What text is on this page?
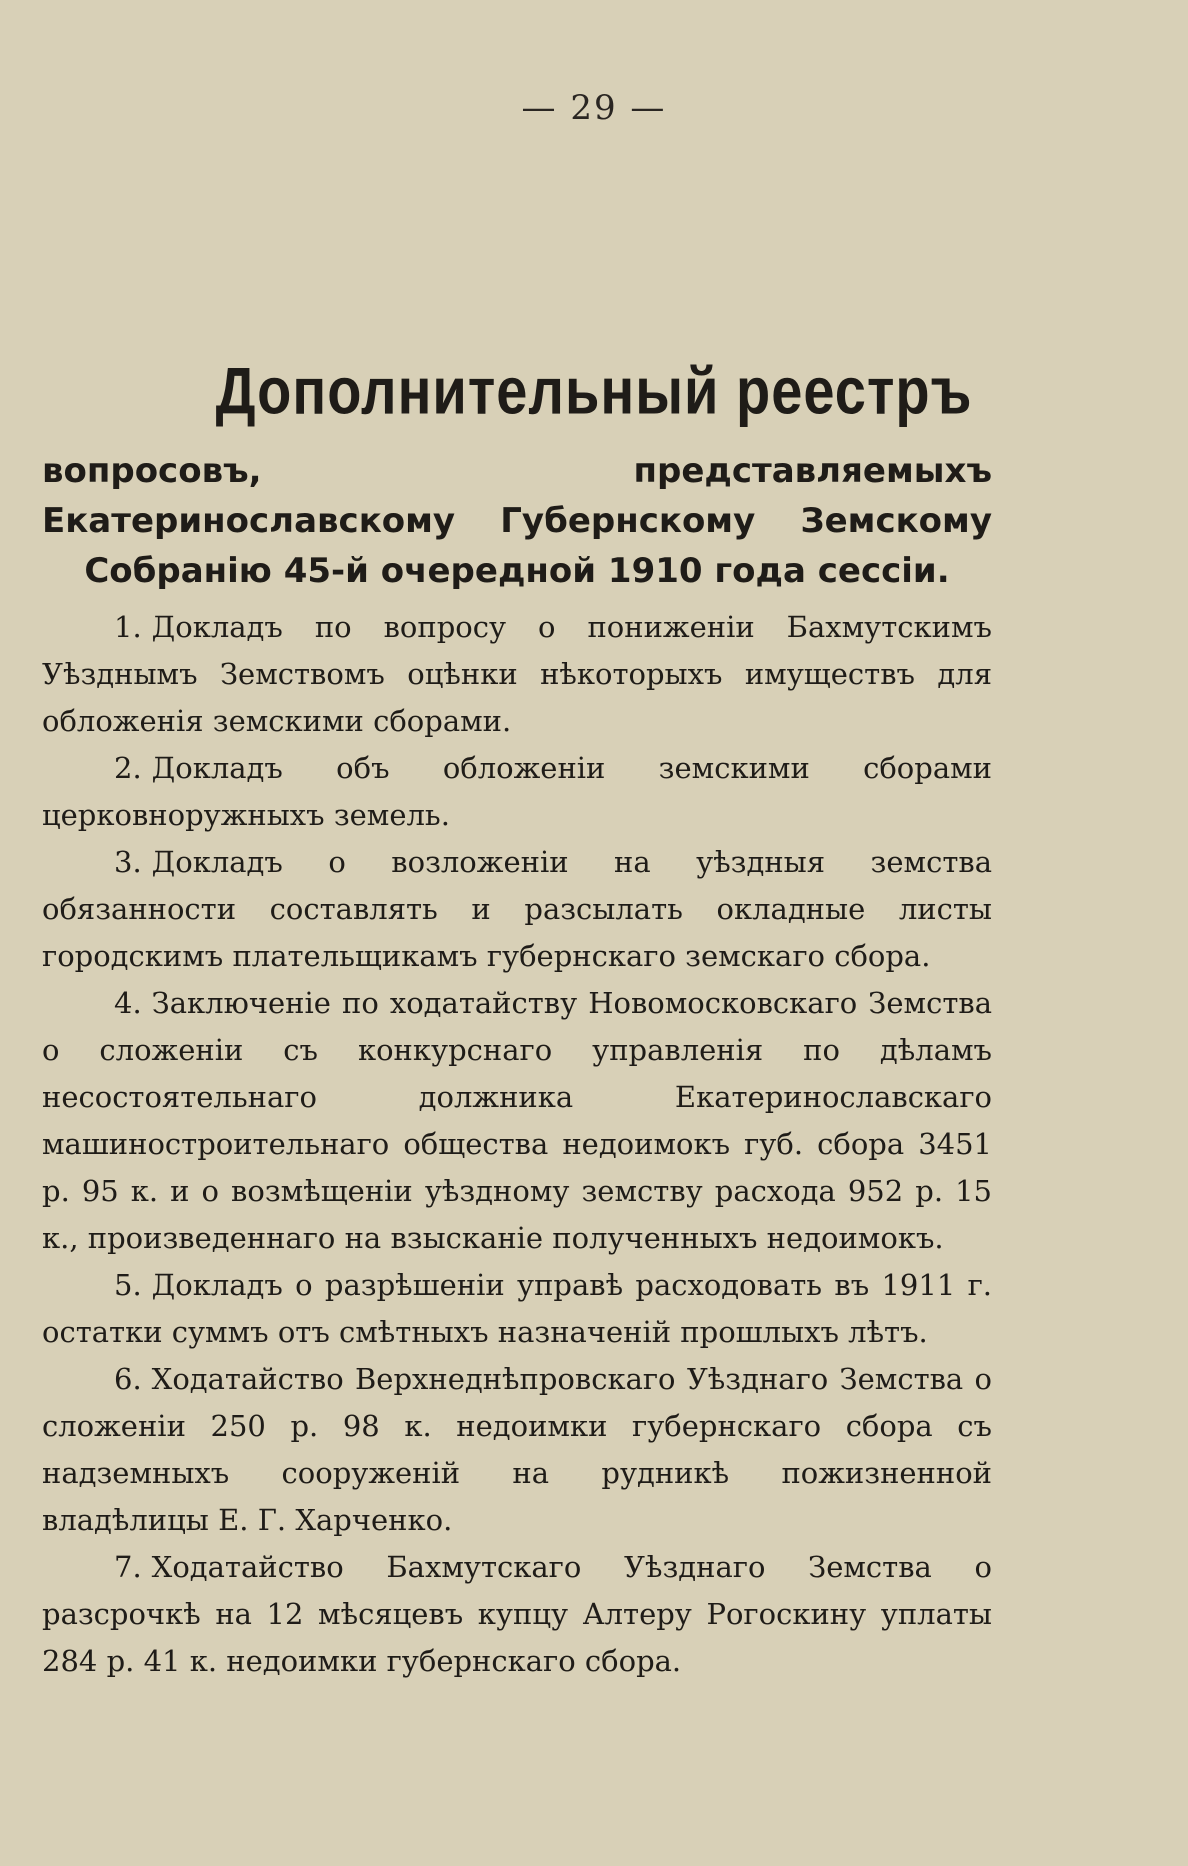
— 29 —
Дополнительный реестръ
вопросовъ, представляемыхъ Екатеринославскому Губернскому Земскому Собранію 45-й очередной 1910 года сессіи.

1. Докладъ по вопросу о пониженіи Бахмутскимъ Уѣзднымъ Земствомъ оцѣнки нѣкоторыхъ имуществъ для обложенія земскими сборами.

2. Докладъ объ обложеніи земскими сборами церковноружныхъ земель.

3. Докладъ о возложеніи на уѣздныя земства обязанности составлять и разсылать окладные листы городскимъ плательщикамъ губернскаго земскаго сбора.

4. Заключеніе по ходатайству Новомосковскаго Земства о сложеніи съ конкурснаго управленія по дѣламъ несостоятельнаго должника Екатеринославскаго машиностроительнаго общества недоимокъ губ. сбора 3451 р. 95 к. и о возмѣщеніи уѣздному земству расхода 952 р. 15 к., произведеннаго на взысканіе полученныхъ недоимокъ.

5. Докладъ о разрѣшеніи управѣ расходовать въ 1911 г. остатки суммъ отъ смѣтныхъ назначеній прошлыхъ лѣтъ.

6. Ходатайство Верхнеднѣпровскаго Уѣзднаго Земства о сложеніи 250 р. 98 к. недоимки губернскаго сбора съ надземныхъ сооруженій на рудникѣ пожизненной владѣлицы Е. Г. Харченко.

7. Ходатайство Бахмутскаго Уѣзднаго Земства о разсрочкѣ на 12 мѣсяцевъ купцу Алтеру Рогоскину уплаты 284 р. 41 к. недоимки губернскаго сбора.
